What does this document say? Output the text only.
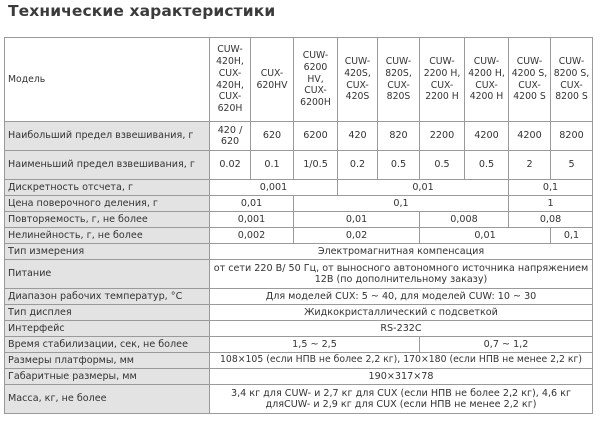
Технические характеристики
Модель	CUW-420H, CUX-420H, CUX-620H	CUX-620HV	CUW-6200 HV, CUX-6200H	CUW-420S, CUX-420S	CUW-820S, CUX-820S	CUW-2200 H, CUX-2200 H	CUW-4200 H, CUX-4200 H	CUW-4200 S, CUX-4200 S	CUW-8200 S, CUX-8200 S
Наибольший предел взвешивания, г	420 / 620	620	6200	420	820	2200	4200	4200	8200
Наименьший предел взвешивания, г	0.02	0.1	1/0.5	0.2	0.5	0.5	0.5	2	5
Дискретность отсчета, г	0,001			0,01				0,1	
Цена поверочного деления, г	0,01		0,1					1	
Повторяемость, г, не более	0,001		0,01			0,008		0,08	
Нелинейность, г, не более	0,002		0,02			0,01			0,1
Тип измерения	Электромагнитная компенсация								
Питание	от сети 220 В/ 50 Гц, от выносного автономного источника напряжением 12В (по дополнительному заказу)								
Диапазон рабочих температур, °С	Для моделей CUX: 5 ~ 40, для моделей CUW: 10 ~ 30								
Тип дисплея	Жидкокристаллический с подсветкой								
Интерфейс	RS-232С								
Время стабилизации, сек, не более	1,5 ~ 2,5					0,7 ~ 1,2			
Размеры платформы, мм	108×105 (если НПВ не более 2,2 кг), 170×180 (если НПВ не менее 2,2 кг)								
Габаритные размеры, мм	190×317×78								
Масса, кг, не более	3,4 кг для CUW- и 2,7 кг для CUX (если НПВ не более 2,2 кг), 4,6 кг дляCUW- и 2,9 кг для CUX (если НПВ не менее 2,2 кг)								
